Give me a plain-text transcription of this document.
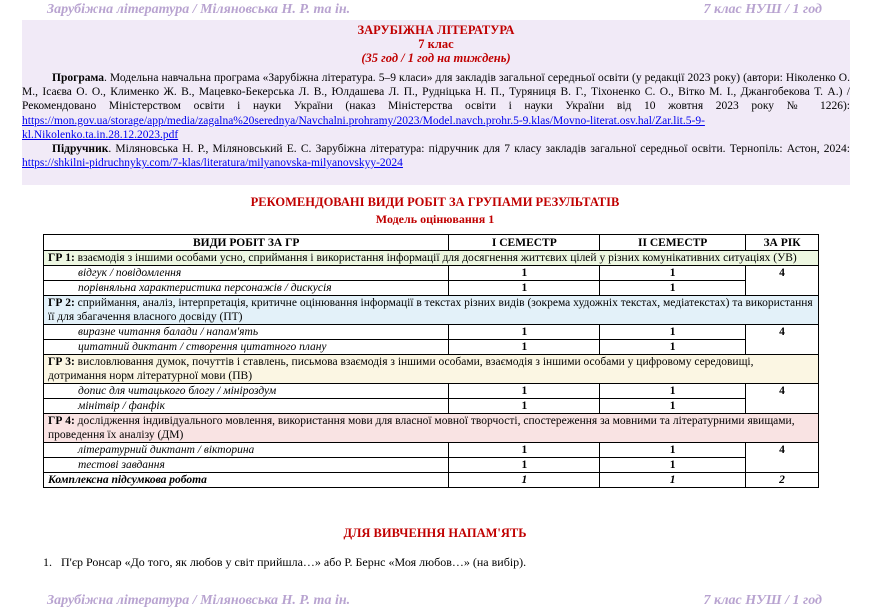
Зарубіжна література / Міляновська Н. Р. та ін.	7 клас НУШ / 1 год
ЗАРУБІЖНА ЛІТЕРАТУРА
7 клас
(35 год / 1 год на тиждень)

Програма. Модельна навчальна програма «Зарубіжна література. 5–9 класи» для закладів загальної середньої освіти (у редакції 2023 року) (автори: Ніколенко О. М., Ісаєва О. О., Клименко Ж. В., Мацевко-Бекерська Л. В., Юлдашева Л. П., Рудніцька Н. П., Туряниця В. Г., Тіхоненко С. О., Вітко М. І., Джангобекова Т. А.) / Рекомендовано Міністерством освіти і науки України (наказ Міністерства освіти і науки України від 10 жовтня 2023 року № 1226): https://mon.gov.ua/storage/app/media/zagalna%20serednya/Navchalni.prohramy/2023/Model.navch.prohr.5-9.klas/Movno-literat.osv.hal/Zar.lit.5-9-kl.Nikolenko.ta.in.28.12.2023.pdf

Підручник. Міляновська Н. Р., Міляновський Е. С. Зарубіжна література: підручник для 7 класу закладів загальної середньої освіти. Тернопіль: Астон, 2024: https://shkilni-pidruchnyky.com/7-klas/literatura/milyanovska-milyanovskyy-2024

РЕКОМЕНДОВАНІ ВИДИ РОБІТ ЗА ГРУПАМИ РЕЗУЛЬТАТІВ
Модель оцінювання 1
ВИДИ РОБІТ ЗА ГР	І СЕМЕСТР	ІІ СЕМЕСТР	ЗА РІК
ГР 1: взаємодія з іншими особами усно, сприймання і використання інформації для досягнення життєвих цілей у різних комунікативних ситуаціях (УВ)			
відгук / повідомлення	1	1	4
порівняльна характеристика персонажів / дискусія	1	1	
ГР 2: сприймання, аналіз, інтерпретація, критичне оцінювання інформації в текстах різних видів (зокрема художніх текстах, медіатекстах) та використання її для збагачення власного досвіду (ПТ)			
виразне читання балади / напам'ять	1	1	4
цитатний диктант / створення цитатного плану	1	1	
ГР 3: висловлювання думок, почуттів і ставлень, письмова взаємодія з іншими особами, взаємодія з іншими особами у цифровому середовищі, дотримання норм літературної мови (ПВ)			
допис для читацького блогу / мініроздум	1	1	4
мінітвір / фанфік	1	1	
ГР 4: дослідження індивідуального мовлення, використання мови для власної мовної творчості, спостереження за мовними та літературними явищами, проведення їх аналізу (ДМ)			
літературний диктант / вікторина	1	1	4
тестові завдання	1	1	
Комплексна підсумкова робота	1	1	2
ДЛЯ ВИВЧЕННЯ НАПАМ'ЯТЬ
1. П'єр Ронсар «До того, як любов у світ прийшла…» або Р. Бернс «Моя любов…» (на вибір).
Зарубіжна література / Міляновська Н. Р. та ін.	7 клас НУШ / 1 год
